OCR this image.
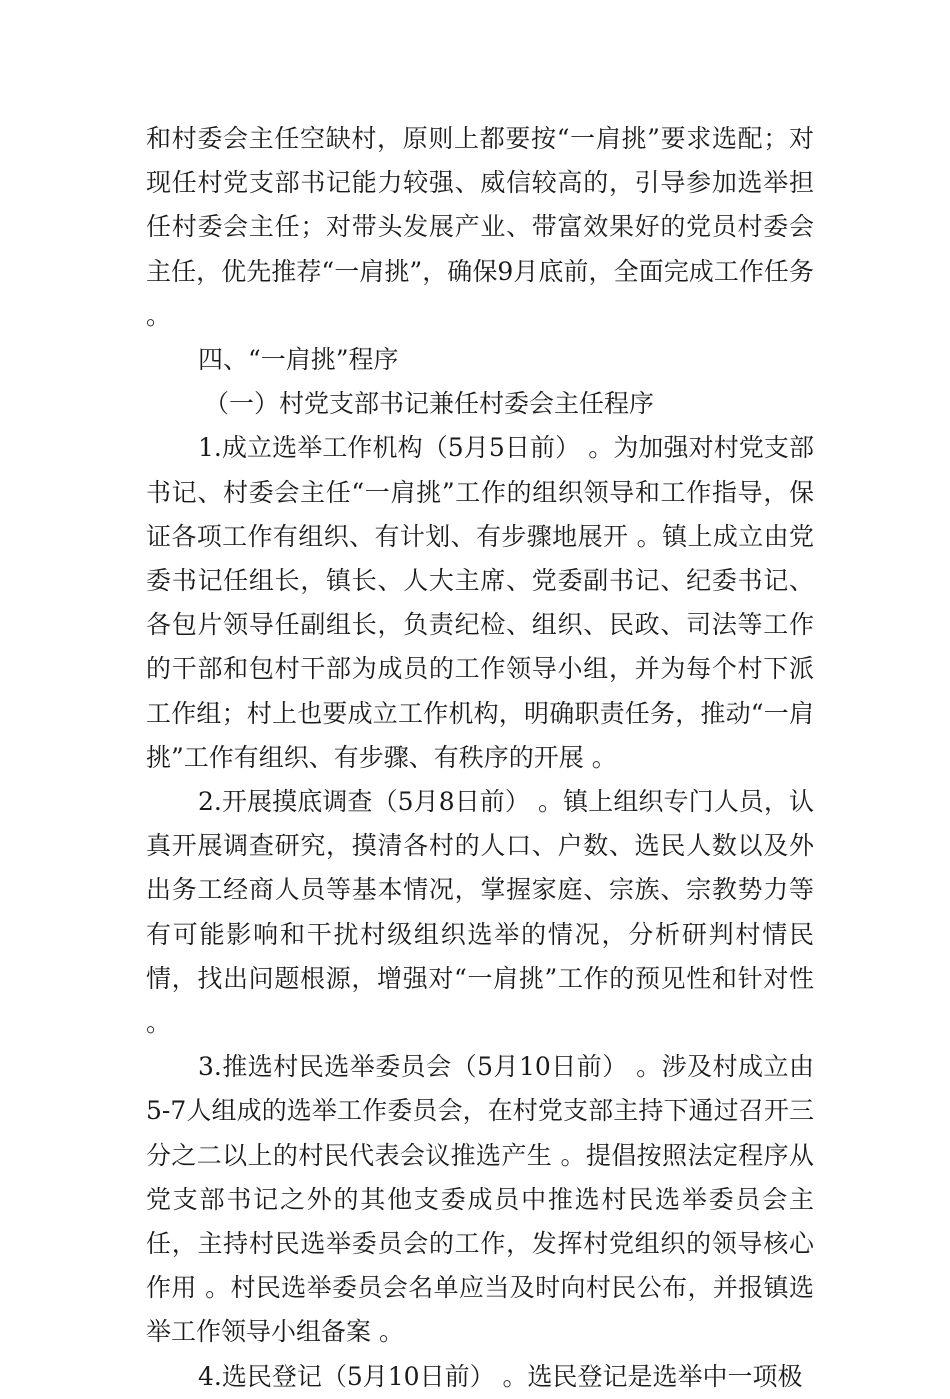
和村委会主任空缺村，原则上都要按“一肩挑”要求选配；对现任村党支部书记能力较强、威信较高的，引导参加选举担任村委会主任；对带头发展产业、带富效果好的党员村委会主任，优先推荐“一肩挑”，确保9月底前，全面完成工作任务 。

四、“一肩挑”程序

（一）村党支部书记兼任村委会主任程序

1.成立选举工作机构（5月5日前） 。为加强对村党支部书记、村委会主任“一肩挑”工作的组织领导和工作指导，保证各项工作有组织、有计划、有步骤地展开 。镇上成立由党委书记任组长，镇长、人大主席、党委副书记、纪委书记、各包片领导任副组长，负责纪检、组织、民政、司法等工作的干部和包村干部为成员的工作领导小组，并为每个村下派工作组；村上也要成立工作机构，明确职责任务，推动“一肩挑”工作有组织、有步骤、有秩序的开展 。

2.开展摸底调查（5月8日前） 。镇上组织专门人员，认真开展调查研究，摸清各村的人口、户数、选民人数以及外出务工经商人员等基本情况，掌握家庭、宗族、宗教势力等有可能影响和干扰村级组织选举的情况，分析研判村情民情，找出问题根源，增强对“一肩挑”工作的预见性和针对性 。

3.推选村民选举委员会（5月10日前） 。涉及村成立由5-7人组成的选举工作委员会，在村党支部主持下通过召开三分之二以上的村民代表会议推选产生 。提倡按照法定程序从党支部书记之外的其他支委成员中推选村民选举委员会主任，主持村民选举委员会的工作，发挥村党组织的领导核心作用 。村民选举委员会名单应当及时向村民公布，并报镇选举工作领导小组备案 。

4.选民登记（5月10日前） 。选民登记是选举中一项极
